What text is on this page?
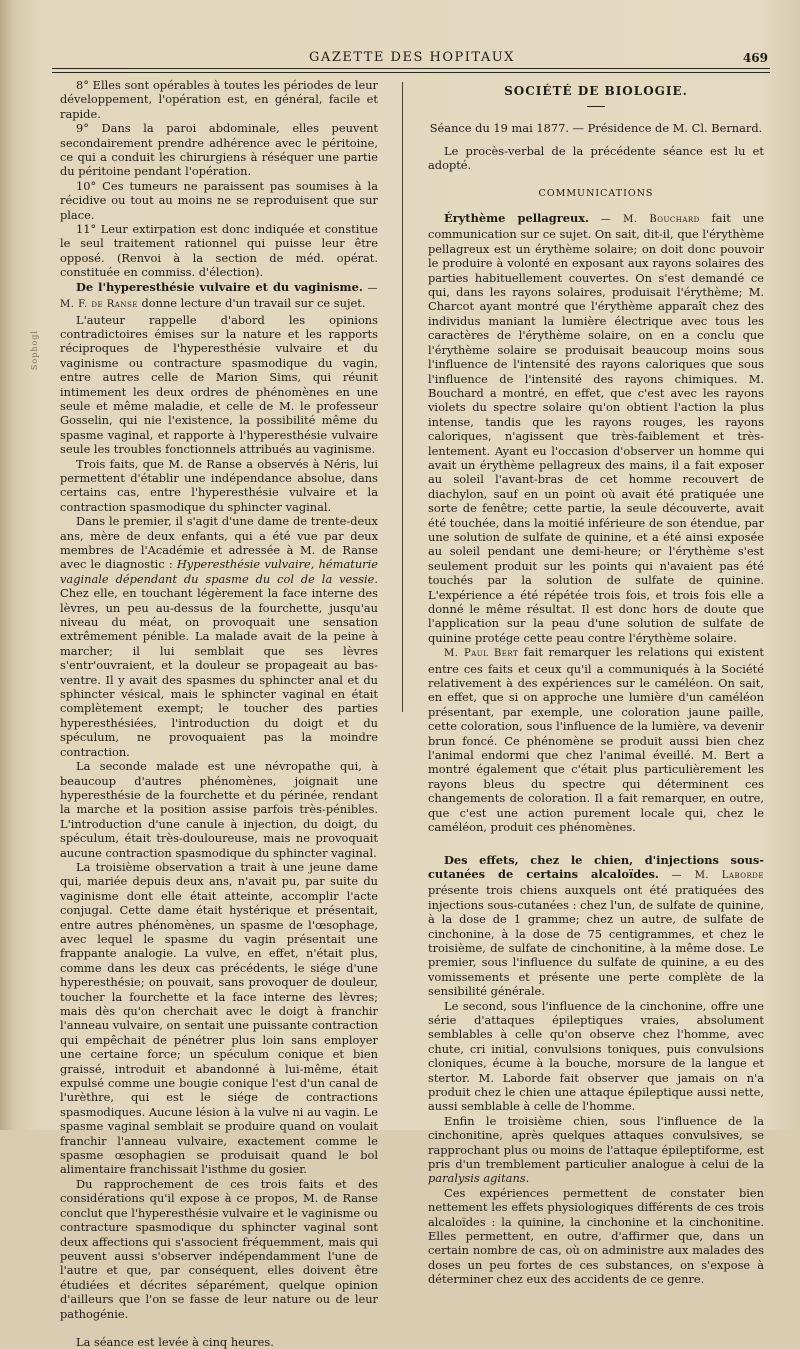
GAZETTE DES HOPITAUX	469
Sophogl

8° Elles sont opérables à toutes les périodes de leur développement, l'opération est, en général, facile et rapide.

9° Dans la paroi abdominale, elles peuvent secondairement prendre adhérence avec le péritoine, ce qui a conduit les chirurgiens à réséquer une partie du péritoine pendant l'opération.

10° Ces tumeurs ne paraissent pas soumises à la récidive ou tout au moins ne se reproduisent que sur place.

11° Leur extirpation est donc indiquée et constitue le seul traitement rationnel qui puisse leur être opposé. (Renvoi à la section de méd. opérat. constituée en commiss. d'élection).

De l'hyperesthésie vulvaire et du vaginisme. — M. F. de Ranse donne lecture d'un travail sur ce sujet.

L'auteur rappelle d'abord les opinions contradictoires émises sur la nature et les rapports réciproques de l'hyperesthésie vulvaire et du vaginisme ou contracture spasmodique du vagin, entre autres celle de Marion Sims, qui réunit intimement les deux ordres de phénomènes en une seule et même maladie, et celle de M. le professeur Gosselin, qui nie l'existence, la possibilité même du spasme vaginal, et rapporte à l'hyperesthésie vulvaire seule les troubles fonctionnels attribués au vaginisme.

Trois faits, que M. de Ranse a observés à Néris, lui permettent d'établir une indépendance absolue, dans certains cas, entre l'hyperesthésie vulvaire et la contraction spasmodique du sphincter vaginal.

Dans le premier, il s'agit d'une dame de trente-deux ans, mère de deux enfants, qui a été vue par deux membres de l'Académie et adressée à M. de Ranse avec le diagnostic : Hyperesthésie vulvaire, hématurie vaginale dépendant du spasme du col de la vessie. Chez elle, en touchant légèrement la face interne des lèvres, un peu au-dessus de la fourchette, jusqu'au niveau du méat, on provoquait une sensation extrêmement pénible. La malade avait de la peine à marcher; il lui semblait que ses lèvres s'entr'ouvraient, et la douleur se propageait au bas-ventre. Il y avait des spasmes du sphincter anal et du sphincter vésical, mais le sphincter vaginal en était complètement exempt; le toucher des parties hyperesthésiées, l'introduction du doigt et du spéculum, ne provoquaient pas la moindre contraction.

La seconde malade est une névropathe qui, à beaucoup d'autres phénomènes, joignait une hyperesthésie de la fourchette et du périnée, rendant la marche et la position assise parfois très-pénibles. L'introduction d'une canule à injection, du doigt, du spéculum, était très-douloureuse, mais ne provoquait aucune contraction spasmodique du sphincter vaginal.

La troisième observation a trait à une jeune dame qui, mariée depuis deux ans, n'avait pu, par suite du vaginisme dont elle était atteinte, accomplir l'acte conjugal. Cette dame était hystérique et présentait, entre autres phénomènes, un spasme de l'œsophage, avec lequel le spasme du vagin présentait une frappante analogie. La vulve, en effet, n'était plus, comme dans les deux cas précédents, le siége d'une hyperesthésie; on pouvait, sans provoquer de douleur, toucher la fourchette et la face interne des lèvres; mais dès qu'on cherchait avec le doigt à franchir l'anneau vulvaire, on sentait une puissante contraction qui empêchait de pénétrer plus loin sans employer une certaine force; un spéculum conique et bien graissé, introduit et abandonné à lui-même, était expulsé comme une bougie conique l'est d'un canal de l'urèthre, qui est le siége de contractions spasmodiques. Aucune lésion à la vulve ni au vagin. Le spasme vaginal semblait se produire quand on voulait franchir l'anneau vulvaire, exactement comme le spasme œsophagien se produisait quand le bol alimentaire franchissait l'isthme du gosier.

Du rapprochement de ces trois faits et des considérations qu'il expose à ce propos, M. de Ranse conclut que l'hyperesthésie vulvaire et le vaginisme ou contracture spasmodique du sphincter vaginal sont deux affections qui s'associent fréquemment, mais qui peuvent aussi s'observer indépendamment l'une de l'autre et que, par conséquent, elles doivent être étudiées et décrites séparément, quelque opinion d'ailleurs que l'on se fasse de leur nature ou de leur pathogénie.

La séance est levée à cinq heures.

SOCIÉTÉ DE BIOLOGIE.

Séance du 19 mai 1877. — Présidence de M. Cl. Bernard.

Le procès-verbal de la précédente séance est lu et adopté.

COMMUNICATIONS

Érythème pellagreux. — M. Bouchard fait une communication sur ce sujet. On sait, dit-il, que l'érythème pellagreux est un érythème solaire; on doit donc pouvoir le produire à volonté en exposant aux rayons solaires des parties habituellement couvertes. On s'est demandé ce qui, dans les rayons solaires, produisait l'érythème; M. Charcot ayant montré que l'érythème apparaît chez des individus maniant la lumière électrique avec tous les caractères de l'érythème solaire, on en a conclu que l'érythème solaire se produisait beaucoup moins sous l'influence de l'intensité des rayons caloriques que sous l'influence de l'intensité des rayons chimiques. M. Bouchard a montré, en effet, que c'est avec les rayons violets du spectre solaire qu'on obtient l'action la plus intense, tandis que les rayons rouges, les rayons caloriques, n'agissent que très-faiblement et très-lentement. Ayant eu l'occasion d'observer un homme qui avait un érythème pellagreux des mains, il a fait exposer au soleil l'avant-bras de cet homme recouvert de diachylon, sauf en un point où avait été pratiquée une sorte de fenêtre; cette partie, la seule découverte, avait été touchée, dans la moitié inférieure de son étendue, par une solution de sulfate de quinine, et a été ainsi exposée au soleil pendant une demi-heure; or l'érythème s'est seulement produit sur les points qui n'avaient pas été touchés par la solution de sulfate de quinine. L'expérience a été répétée trois fois, et trois fois elle a donné le même résultat. Il est donc hors de doute que l'application sur la peau d'une solution de sulfate de quinine protége cette peau contre l'érythème solaire.

M. Paul Bert fait remarquer les relations qui existent entre ces faits et ceux qu'il a communiqués à la Société relativement à des expériences sur le caméléon. On sait, en effet, que si on approche une lumière d'un caméléon présentant, par exemple, une coloration jaune paille, cette coloration, sous l'influence de la lumière, va devenir brun foncé. Ce phénomène se produit aussi bien chez l'animal endormi que chez l'animal éveillé. M. Bert a montré également que c'était plus particulièrement les rayons bleus du spectre qui déterminent ces changements de coloration. Il a fait remarquer, en outre, que c'est une action purement locale qui, chez le caméléon, produit ces phénomènes.

Des effets, chez le chien, d'injections sous-cutanées de certains alcaloïdes. — M. Laborde présente trois chiens auxquels ont été pratiquées des injections sous-cutanées : chez l'un, de sulfate de quinine, à la dose de 1 gramme; chez un autre, de sulfate de cinchonine, à la dose de 75 centigrammes, et chez le troisième, de sulfate de cinchonitine, à la même dose. Le premier, sous l'influence du sulfate de quinine, a eu des vomissements et présente une perte complète de la sensibilité générale.

Le second, sous l'influence de la cinchonine, offre une série d'attaques épileptiques vraies, absolument semblables à celle qu'on observe chez l'homme, avec chute, cri initial, convulsions toniques, puis convulsions cloniques, écume à la bouche, morsure de la langue et stertor. M. Laborde fait observer que jamais on n'a produit chez le chien une attaque épileptique aussi nette, aussi semblable à celle de l'homme.

Enfin le troisième chien, sous l'influence de la cinchonitine, après quelques attaques convulsives, se rapprochant plus ou moins de l'attaque épileptiforme, est pris d'un tremblement particulier analogue à celui de la paralysis agitans.

Ces expériences permettent de constater bien nettement les effets physiologiques différents de ces trois alcaloïdes : la quinine, la cinchonine et la cinchonitine. Elles permettent, en outre, d'affirmer que, dans un certain nombre de cas, où on administre aux malades des doses un peu fortes de ces substances, on s'expose à déterminer chez eux des accidents de ce genre.
